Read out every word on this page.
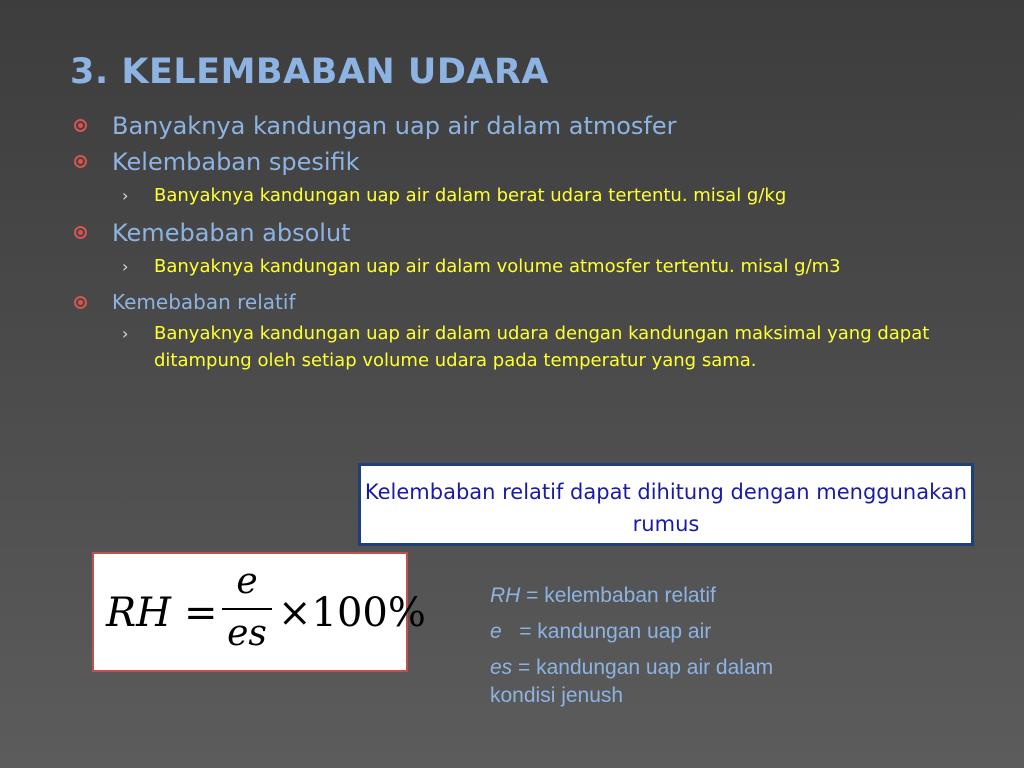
3. KELEMBABAN UDARA
Banyaknya kandungan uap air dalam atmosfer
Kelembaban spesifik
› Banyaknya kandungan uap air dalam berat udara tertentu. misal g/kg
Kemebaban absolut
› Banyaknya kandungan uap air dalam volume atmosfer tertentu. misal g/m3
Kemebaban relatif
› Banyaknya kandungan uap air dalam udara dengan kandungan maksimal yang dapat ditampung oleh setiap volume udara pada temperatur yang sama.
Kelembaban relatif dapat dihitung dengan menggunakan rumus
RH =
e
es ×100%	RH = kelembaban relatif
e   = kandungan uap air
es = kandungan uap air dalam
kondisi jenush
